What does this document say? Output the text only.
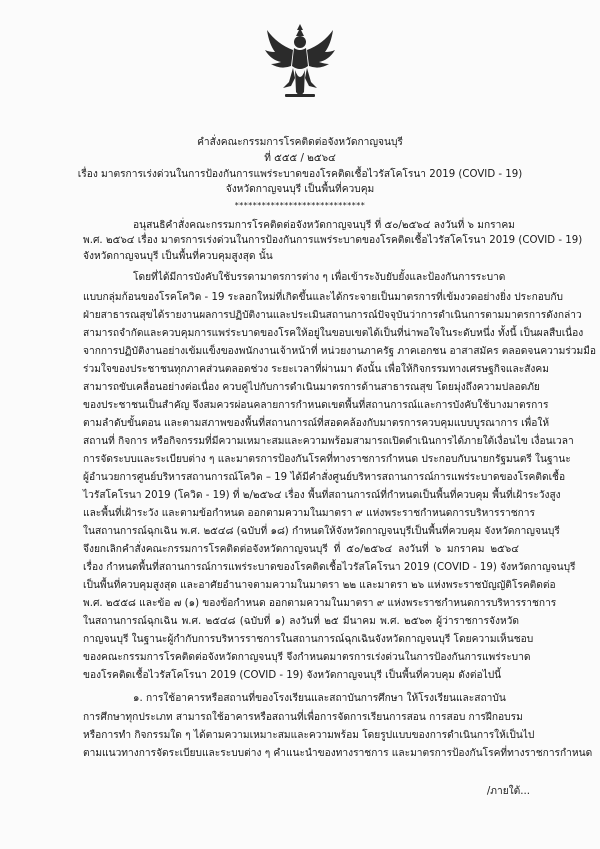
คำสั่งคณะกรรมการโรคติดต่อจังหวัดกาญจนบุรี
ที่ ๕๕๕ / ๒๕๖๔
เรื่อง มาตรการเร่งด่วนในการป้องกันการแพร่ระบาดของโรคติดเชื้อไวรัสโคโรนา 2019 (COVID - 19)
จังหวัดกาญจนบุรี เป็นพื้นที่ควบคุม
*****************************
อนุสนธิคำสั่งคณะกรรมการโรคติดต่อจังหวัดกาญจนบุรี ที่ ๕๐/๒๕๖๔ ลงวันที่ ๖ มกราคม
พ.ศ. ๒๕๖๔ เรื่อง มาตรการเร่งด่วนในการป้องกันการแพร่ระบาดของโรคติดเชื้อไวรัสโคโรนา 2019 (COVID - 19)
จังหวัดกาญจนบุรี เป็นพื้นที่ควบคุมสูงสุด นั้น
โดยที่ได้มีการบังคับใช้บรรดามาตรการต่าง ๆ เพื่อเข้าระงับยับยั้งและป้องกันการระบาด
แบบกลุ่มก้อนของโรคโควิด - 19 ระลอกใหม่ที่เกิดขึ้นและได้กระจายเป็นมาตรการที่เข้มงวดอย่างยิ่ง ประกอบกับ
ฝ่ายสาธารณสุขได้รายงานผลการปฏิบัติงานและประเมินสถานการณ์ปัจจุบันว่าการดำเนินการตามมาตรการดังกล่าว
สามารถจำกัดและควบคุมการแพร่ระบาดของโรคให้อยู่ในขอบเขตได้เป็นที่น่าพอใจในระดับหนึ่ง ทั้งนี้ เป็นผลสืบเนื่อง
จากการปฏิบัติงานอย่างเข้มแข็งของพนักงานเจ้าหน้าที่ หน่วยงานภาครัฐ ภาคเอกชน อาสาสมัคร ตลอดจนความร่วมมือ
ร่วมใจของประชาชนทุกภาคส่วนตลอดช่วง ระยะเวลาที่ผ่านมา ดังนั้น เพื่อให้กิจกรรมทางเศรษฐกิจและสังคม
สามารถขับเคลื่อนอย่างต่อเนื่อง ควบคู่ไปกับการดำเนินมาตรการด้านสาธารณสุข โดยมุ่งถึงความปลอดภัย
ของประชาชนเป็นสำคัญ จึงสมควรผ่อนคลายการกำหนดเขตพื้นที่สถานการณ์และการบังคับใช้บางมาตรการ
ตามลำดับขั้นตอน และตามสภาพของพื้นที่สถานการณ์ที่สอดคล้องกับมาตรการควบคุมแบบบูรณาการ เพื่อให้
สถานที่ กิจการ หรือกิจกรรมที่มีความเหมาะสมและความพร้อมสามารถเปิดดำเนินการได้ภายใต้เงื่อนไข เงื่อนเวลา
การจัดระบบและระเบียบต่าง ๆ และมาตรการป้องกันโรคที่ทางราชการกำหนด ประกอบกับนายกรัฐมนตรี ในฐานะ
ผู้อำนวยการศูนย์บริหารสถานการณ์โควิด – 19 ได้มีคำสั่งศูนย์บริหารสถานการณ์การแพร่ระบาดของโรคติดเชื้อ
ไวรัสโคโรนา 2019 (โควิด - 19) ที่ ๒/๒๕๖๔ เรื่อง พื้นที่สถานการณ์ที่กำหนดเป็นพื้นที่ควบคุม พื้นที่เฝ้าระวังสูง
และพื้นที่เฝ้าระวัง และตามข้อกำหนด ออกตามความในมาตรา ๙ แห่งพระราชกำหนดการบริหารราชการ
ในสถานการณ์ฉุกเฉิน พ.ศ. ๒๕๔๘ (ฉบับที่ ๑๘) กำหนดให้จังหวัดกาญจนบุรีเป็นพื้นที่ควบคุม จังหวัดกาญจนบุรี
จึงยกเลิกคำสั่งคณะกรรมการโรคติดต่อจังหวัดกาญจนบุรี ที่ ๕๐/๒๕๖๔ ลงวันที่ ๖ มกราคม ๒๕๖๔
เรื่อง กำหนดพื้นที่สถานการณ์การแพร่ระบาดของโรคติดเชื้อไวรัสโคโรนา 2019 (COVID - 19) จังหวัดกาญจนบุรี
เป็นพื้นที่ควบคุมสูงสุด และอาศัยอำนาจตามความในมาตรา ๒๒ และมาตรา ๒๖ แห่งพระราชบัญญัติโรคติดต่อ
พ.ศ. ๒๕๕๘ และข้อ ๗ (๑) ของข้อกำหนด ออกตามความในมาตรา ๙ แห่งพระราชกำหนดการบริหารราชการ
ในสถานการณ์ฉุกเฉิน พ.ศ. ๒๕๔๘ (ฉบับที่ ๑) ลงวันที่ ๒๕ มีนาคม พ.ศ. ๒๕๖๓ ผู้ว่าราชการจังหวัด
กาญจนบุรี ในฐานะผู้กำกับการบริหารราชการในสถานการณ์ฉุกเฉินจังหวัดกาญจนบุรี โดยความเห็นชอบ
ของคณะกรรมการโรคติดต่อจังหวัดกาญจนบุรี จึงกำหนดมาตรการเร่งด่วนในการป้องกันการแพร่ระบาด
ของโรคติดเชื้อไวรัสโคโรนา 2019 (COVID - 19) จังหวัดกาญจนบุรี เป็นพื้นที่ควบคุม ดังต่อไปนี้
๑. การใช้อาคารหรือสถานที่ของโรงเรียนและสถาบันการศึกษา ให้โรงเรียนและสถาบัน
การศึกษาทุกประเภท สามารถใช้อาคารหรือสถานที่เพื่อการจัดการเรียนการสอน การสอบ การฝึกอบรม
หรือการทำ กิจกรรมใด ๆ ได้ตามความเหมาะสมและความพร้อม โดยรูปแบบของการดำเนินการให้เป็นไป
ตามแนวทางการจัดระเบียบและระบบต่าง ๆ คำแนะนำของทางราชการ และมาตรการป้องกันโรคที่ทางราชการกำหนด
/ภายใต้...
